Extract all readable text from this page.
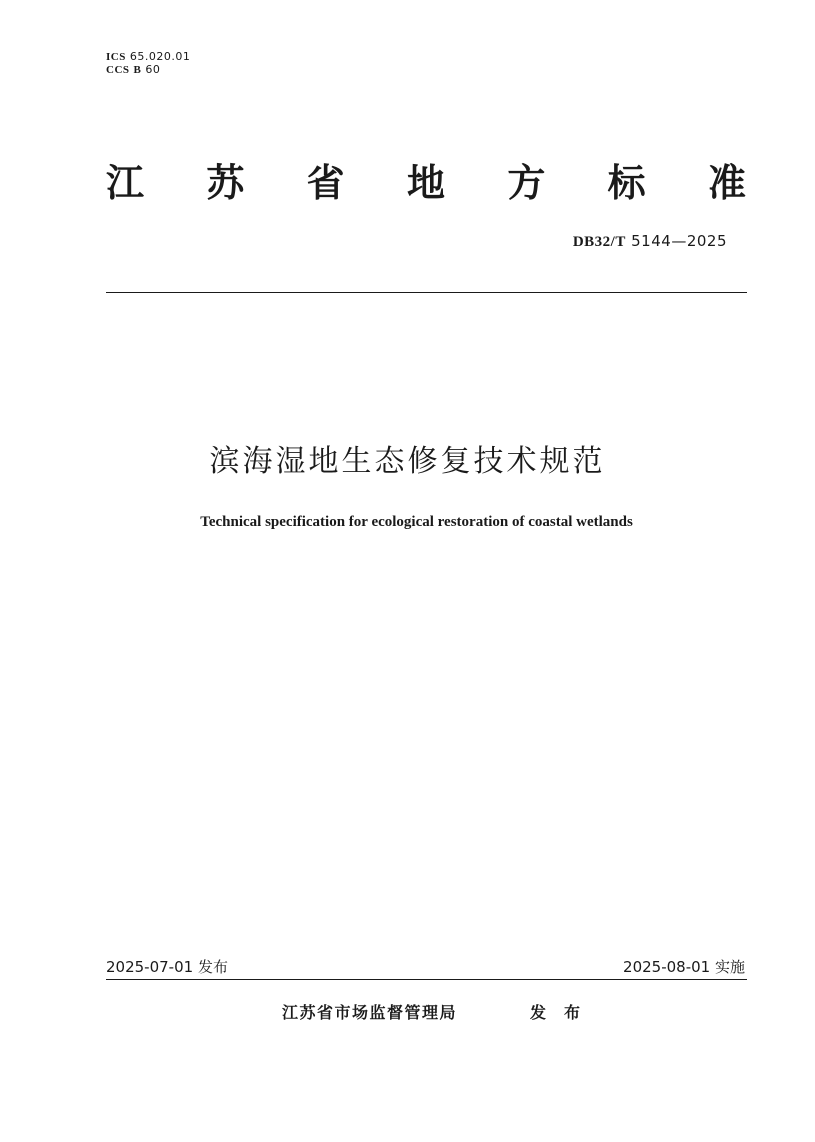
ICS 65.020.01
CCS B 60
江 苏 省 地 方 标 准
DB32/T 5144—2025
滨海湿地生态修复技术规范
Technical specification for ecological restoration of coastal wetlands
2025-07-01 发布	2025-08-01 实施
江苏省市场监督管理局	发布
